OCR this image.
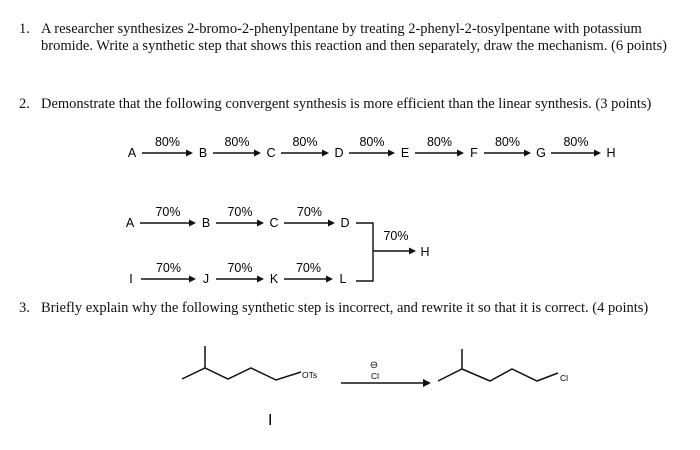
1. A researcher synthesizes 2-bromo-2-phenylpentane by treating 2-phenyl-2-tosylpentane with potassium bromide. Write a synthetic step that shows this reaction and then separately, draw the mechanism. (6 points)
2. Demonstrate that the following convergent synthesis is more efficient than the linear synthesis. (3 points)
3. Briefly explain why the following synthetic step is incorrect, and rewrite it so that it is correct. (4 points)
A	B	C	D	E	F	G	H
80%	80%	80%	80%	80%	80%	80%
A	B	C	D
70%	70%	70%
I	J	K	L
70%	70%	70%
70%
H
OTs
I
⊖
Cl	Cl
